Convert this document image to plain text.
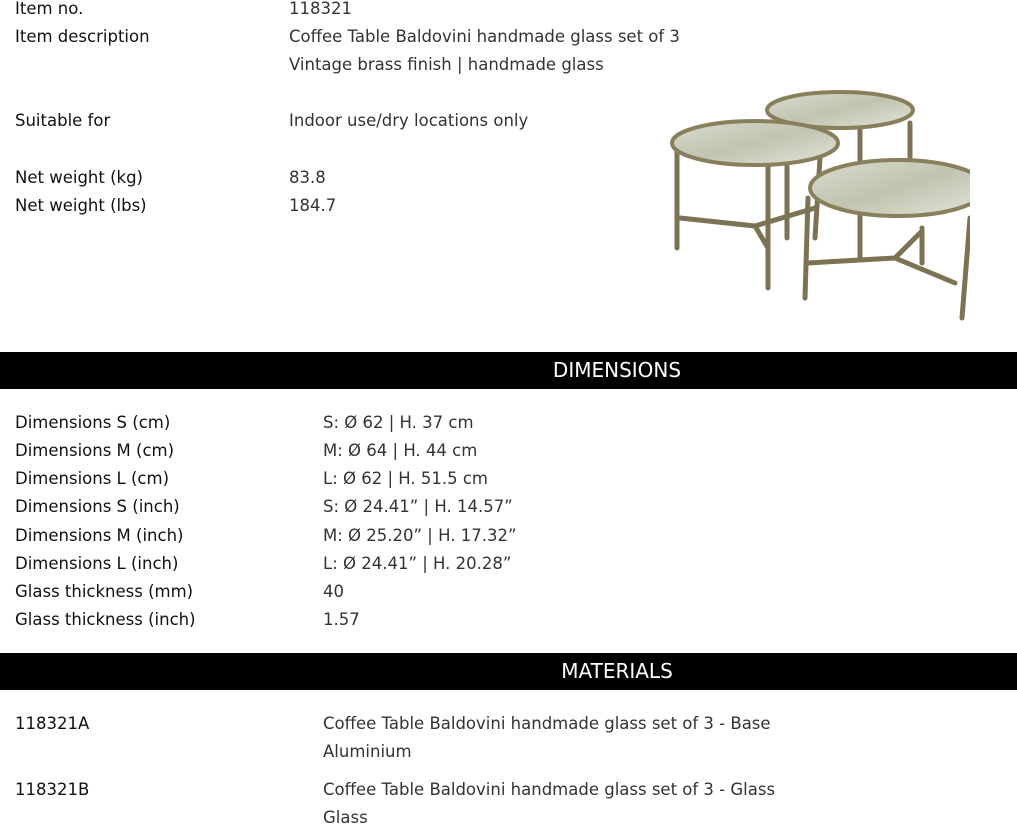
Item no.	118321
Item description	Coffee Table Baldovini handmade glass set of 3
Vintage brass finish | handmade glass
Suitable for	Indoor use/dry locations only
Net weight (kg)	83.8
Net weight (lbs)	184.7
DIMENSIONS
Dimensions S (cm)	S: Ø 62 | H. 37 cm
Dimensions M (cm)	M: Ø 64 | H. 44 cm
Dimensions L (cm)	L: Ø 62 | H. 51.5 cm
Dimensions S (inch)	S: Ø 24.41” | H. 14.57”
Dimensions M (inch)	M: Ø 25.20” | H. 17.32”
Dimensions L (inch)	L: Ø 24.41” | H. 20.28”
Glass thickness (mm)	40
Glass thickness (inch)	1.57
MATERIALS
118321A	Coffee Table Baldovini handmade glass set of 3 - Base
Aluminium
118321B	Coffee Table Baldovini handmade glass set of 3 - Glass
Glass
